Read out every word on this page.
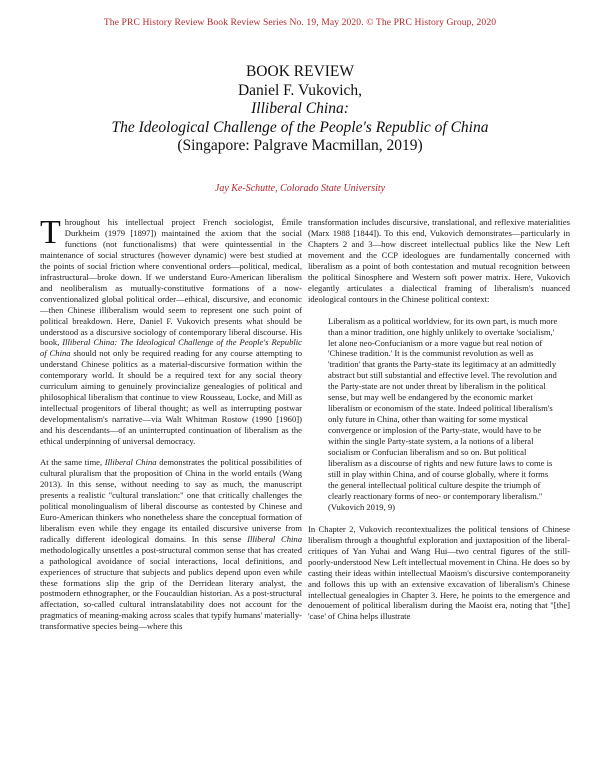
The PRC History Review Book Review Series No. 19, May 2020. © The PRC History Group, 2020
BOOK REVIEW
Daniel F. Vukovich,
Illiberal China:
The Ideological Challenge of the People's Republic of China
(Singapore: Palgrave Macmillan, 2019)
Jay Ke-Schutte, Colorado State University

Throughout his intellectual project French sociologist, Émile Durkheim (1979 [1897]) maintained the axiom that the social functions (not functionalisms) that were quintessential in the maintenance of social structures (however dynamic) were best studied at the points of social friction where conventional orders—political, medical, infrastructural—broke down. If we understand Euro-American liberalism and neoliberalism as mutually-constitutive formations of a now-conventionalized global political order—ethical, discursive, and economic—then Chinese illiberalism would seem to represent one such point of political breakdown. Here, Daniel F. Vukovich presents what should be understood as a discursive sociology of contemporary liberal discourse. His book, Illiberal China: The Ideological Challenge of the People's Republic of China should not only be required reading for any course attempting to understand Chinese politics as a material-discursive formation within the contemporary world. It should be a required text for any social theory curriculum aiming to genuinely provincialize genealogies of political and philosophical liberalism that continue to view Rousseau, Locke, and Mill as intellectual progenitors of liberal thought; as well as interrupting postwar developmentalism's narrative—via Walt Whitman Rostow (1990 [1960]) and his descendants—of an uninterrupted continuation of liberalism as the ethical underpinning of universal democracy.

At the same time, Illiberal China demonstrates the political possibilities of cultural pluralism that the proposition of China in the world entails (Wang 2013). In this sense, without needing to say as much, the manuscript presents a realistic "cultural translation:" one that critically challenges the political monolingualism of liberal discourse as contested by Chinese and Euro-American thinkers who nonetheless share the conceptual formation of liberalism even while they engage its entailed discursive universe from radically different ideological domains. In this sense Illiberal China methodologically unsettles a post-structural common sense that has created a pathological avoidance of social interactions, local definitions, and experiences of structure that subjects and publics depend upon even while these formations slip the grip of the Derridean literary analyst, the postmodern ethnographer, or the Foucauldian historian. As a post-structural affectation, so-called cultural intranslatability does not account for the pragmatics of meaning-making across scales that typify humans' materially-transformative species being—where this

transformation includes discursive, translational, and reflexive materialities (Marx 1988 [1844]). To this end, Vukovich demonstrates—particularly in Chapters 2 and 3—how discreet intellectual publics like the New Left movement and the CCP ideologues are fundamentally concerned with liberalism as a point of both contestation and mutual recognition between the political Sinosphere and Western soft power matrix. Here, Vukovich elegantly articulates a dialectical framing of liberalism's nuanced ideological contours in the Chinese political context:

Liberalism as a political worldview, for its own part, is much more than a minor tradition, one highly unlikely to overtake 'socialism,' let alone neo-Confucianism or a more vague but real notion of 'Chinese tradition.' It is the communist revolution as well as 'tradition' that grants the Party-state its legitimacy at an admittedly abstract but still substantial and effective level. The revolution and the Party-state are not under threat by liberalism in the political sense, but may well be endangered by the economic market liberalism or economism of the state. Indeed political liberalism's only future in China, other than waiting for some mystical convergence or implosion of the Party-state, would have to be within the single Party-state system, a la notions of a liberal socialism or Confucian liberalism and so on. But political liberalism as a discourse of rights and new future laws to come is still in play within China, and of course globally, where it forms the general intellectual political culture despite the triumph of clearly reactionary forms of neo- or contemporary liberalism." (Vukovich 2019, 9)

In Chapter 2, Vukovich recontextualizes the political tensions of Chinese liberalism through a thoughtful exploration and juxtaposition of the liberal-critiques of Yan Yuhai and Wang Hui—two central figures of the still-poorly-understood New Left intellectual movement in China. He does so by casting their ideas within intellectual Maoism's discursive contemporaneity and follows this up with an extensive excavation of liberalism's Chinese intellectual genealogies in Chapter 3. Here, he points to the emergence and denouement of political liberalism during the Maoist era, noting that "[the] 'case' of China helps illustrate
